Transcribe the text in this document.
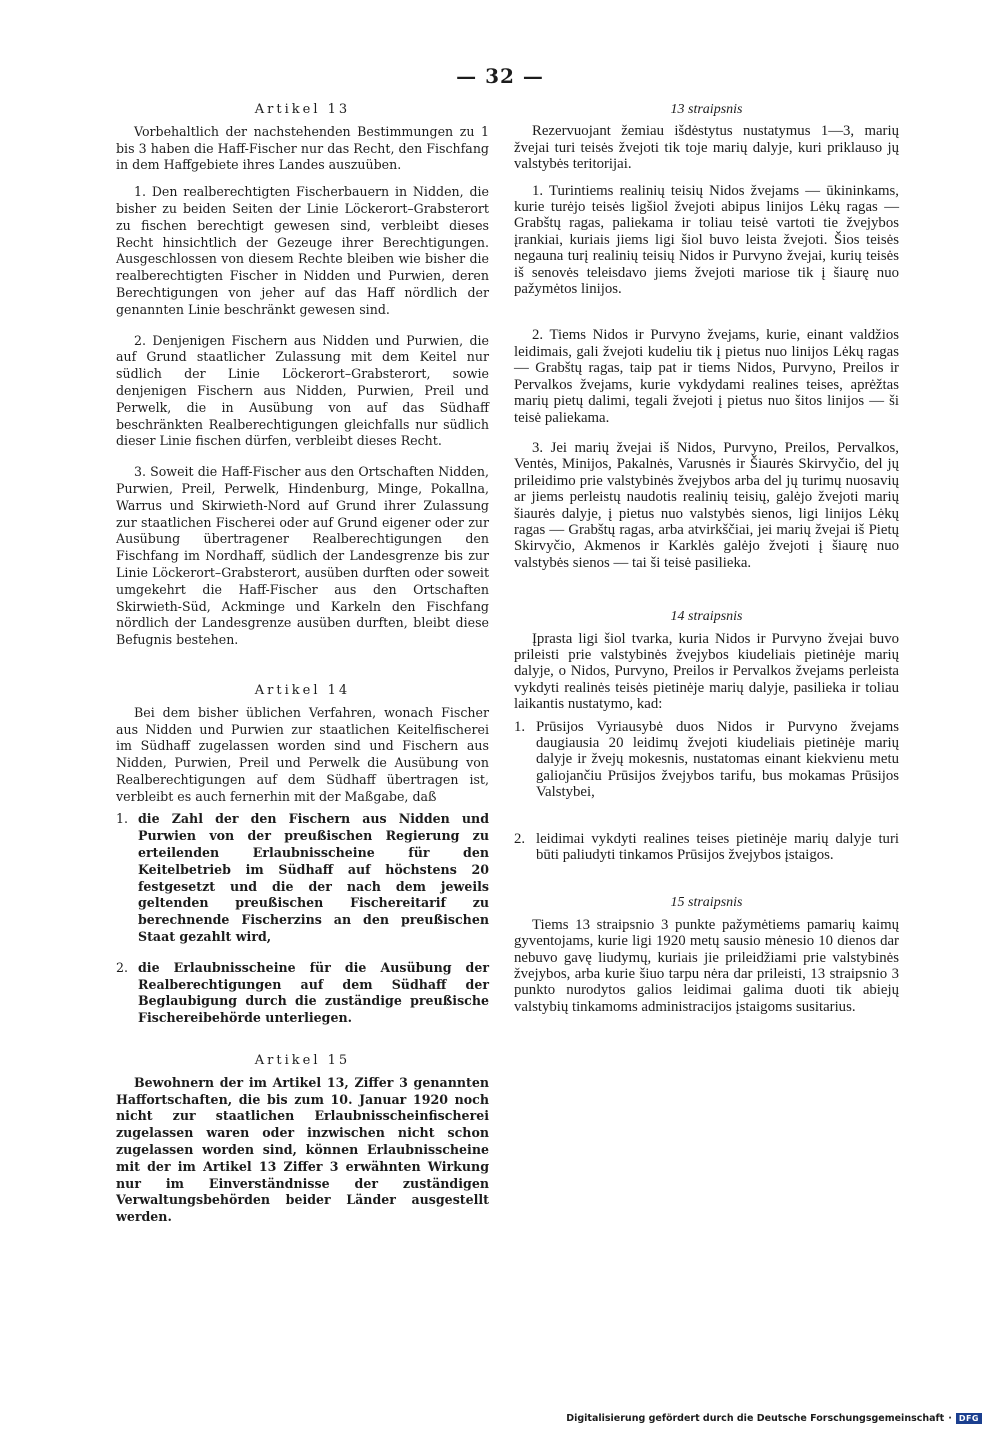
— 32 —
Artikel 13

Vorbehaltlich der nachstehenden Bestimmungen zu 1 bis 3 haben die Haff-Fischer nur das Recht, den Fischfang in dem Haffgebiete ihres Landes auszuüben.

1. Den realberechtigten Fischerbauern in Nidden, die bisher zu beiden Seiten der Linie Löckerort–Grabsterort zu fischen berechtigt gewesen sind, verbleibt dieses Recht hinsichtlich der Gezeuge ihrer Berechtigungen. Ausgeschlossen von diesem Rechte bleiben wie bisher die realberechtigten Fischer in Nidden und Purwien, deren Berechtigungen von jeher auf das Haff nördlich der genannten Linie beschränkt gewesen sind.

2. Denjenigen Fischern aus Nidden und Purwien, die auf Grund staatlicher Zulassung mit dem Keitel nur südlich der Linie Löckerort–Grabsterort, sowie denjenigen Fischern aus Nidden, Purwien, Preil und Perwelk, die in Ausübung von auf das Südhaff beschränkten Realberechtigungen gleichfalls nur südlich dieser Linie fischen dürfen, verbleibt dieses Recht.

3. Soweit die Haff-Fischer aus den Ortschaften Nidden, Purwien, Preil, Perwelk, Hindenburg, Minge, Pokallna, Warrus und Skirwieth-Nord auf Grund ihrer Zulassung zur staatlichen Fischerei oder auf Grund eigener oder zur Ausübung übertragener Realberechtigungen den Fischfang im Nordhaff, südlich der Landesgrenze bis zur Linie Löckerort–Grabsterort, ausüben durften oder soweit umgekehrt die Haff-Fischer aus den Ortschaften Skirwieth-Süd, Ackminge und Karkeln den Fischfang nördlich der Landesgrenze ausüben durften, bleibt diese Befugnis bestehen.

Artikel 14

Bei dem bisher üblichen Verfahren, wonach Fischer aus Nidden und Purwien zur staatlichen Keitelfischerei im Südhaff zugelassen worden sind und Fischern aus Nidden, Purwien, Preil und Perwelk die Ausübung von Realberechtigungen auf dem Südhaff übertragen ist, verbleibt es auch fernerhin mit der Maßgabe, daß

1. die Zahl der den Fischern aus Nidden und Purwien von der preußischen Regierung zu erteilenden Erlaubnisscheine für den Keitelbetrieb im Südhaff auf höchstens 20 festgesetzt und die der nach dem jeweils geltenden preußischen Fischereitarif zu berechnende Fischerzins an den preußischen Staat gezahlt wird,
2. die Erlaubnisscheine für die Ausübung der Realberechtigungen auf dem Südhaff der Beglaubigung durch die zuständige preußische Fischereibehörde unterliegen.
Artikel 15

Bewohnern der im Artikel 13, Ziffer 3 genannten Haffortschaften, die bis zum 10. Januar 1920 noch nicht zur staatlichen Erlaubnisscheinfischerei zugelassen waren oder inzwischen nicht schon zugelassen worden sind, können Erlaubnisscheine mit der im Artikel 13 Ziffer 3 erwähnten Wirkung nur im Einverständnisse der zuständigen Verwaltungsbehörden beider Länder ausgestellt werden.

13 straipsnis

Rezervuojant žemiau išdėstytus nustatymus 1—3, marių žvejai turi teisės žvejoti tik toje marių dalyje, kuri priklauso jų valstybės teritorijai.

1. Turintiems realinių teisių Nidos žvejams — ūkininkams, kurie turėjo teisės ligšiol žvejoti abipus linijos Lėkų ragas — Grabštų ragas, paliekama ir toliau teisė vartoti tie žvejybos įrankiai, kuriais jiems ligi šiol buvo leista žvejoti. Šios teisės negauna turį realinių teisių Nidos ir Purvyno žvejai, kurių teisės iš senovės teleisdavo jiems žvejoti mariose tik į šiaurę nuo pažymėtos linijos.

2. Tiems Nidos ir Purvyno žvejams, kurie, einant valdžios leidimais, gali žvejoti kudeliu tik į pietus nuo linijos Lėkų ragas — Grabštų ragas, taip pat ir tiems Nidos, Purvyno, Preilos ir Pervalkos žvejams, kurie vykdydami realines teises, aprėžtas marių pietų dalimi, tegali žvejoti į pietus nuo šitos linijos — ši teisė paliekama.

3. Jei marių žvejai iš Nidos, Purvyno, Preilos, Pervalkos, Ventės, Minijos, Pakalnės, Varusnės ir Šiaurės Skirvyčio, del jų prileidimo prie valstybinės žvejybos arba del jų turimų nuosavių ar jiems perleistų naudotis realinių teisių, galėjo žvejoti marių šiaurės dalyje, į pietus nuo valstybės sienos, ligi linijos Lėkų ragas — Grabštų ragas, arba atvirkščiai, jei marių žvejai iš Pietų Skirvyčio, Akmenos ir Karklės galėjo žvejoti į šiaurę nuo valstybės sienos — tai ši teisė pasilieka.

14 straipsnis

Įprasta ligi šiol tvarka, kuria Nidos ir Purvyno žvejai buvo prileisti prie valstybinės žvejybos kiudeliais pietinėje marių dalyje, o Nidos, Purvyno, Preilos ir Pervalkos žvejams perleista vykdyti realinės teisės pietinėje marių dalyje, pasilieka ir toliau laikantis nustatymo, kad:

1. Prūsijos Vyriausybė duos Nidos ir Purvyno žvejams daugiausia 20 leidimų žvejoti kiudeliais pietinėje marių dalyje ir žvejų mokesnis, nustatomas einant kiekvienu metu galiojančiu Prūsijos žvejybos tarifu, bus mokamas Prūsijos Valstybei,
2. leidimai vykdyti realines teises pietinėje marių dalyje turi būti paliudyti tinkamos Prūsijos žvejybos įstaigos.
15 straipsnis

Tiems 13 straipsnio 3 punkte pažymėtiems pamarių kaimų gyventojams, kurie ligi 1920 metų sausio mėnesio 10 dienos dar nebuvo gavę liudymų, kuriais jie prileidžiami prie valstybinės žvejybos, arba kurie šiuo tarpu nėra dar prileisti, 13 straipsnio 3 punkto nurodytos galios leidimai galima duoti tik abiejų valstybių tinkamoms administracijos įstaigoms susitarius.

Digitalisierung gefördert durch die Deutsche Forschungsgemeinschaft · DFG
